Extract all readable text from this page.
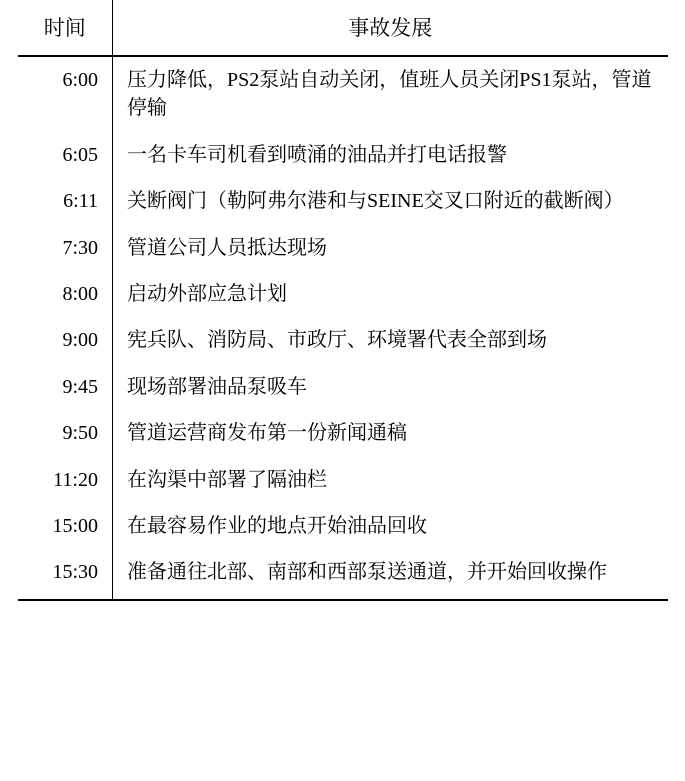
时间	事故发展
6:00	压力降低，PS2泵站自动关闭，值班人员关闭PS1泵站，管道停输
6:05	一名卡车司机看到喷涌的油品并打电话报警
6:11	关断阀门（勒阿弗尔港和与SEINE交叉口附近的截断阀）
7:30	管道公司人员抵达现场
8:00	启动外部应急计划
9:00	宪兵队、消防局、市政厅、环境署代表全部到场
9:45	现场部署油品泵吸车
9:50	管道运营商发布第一份新闻通稿
11:20	在沟渠中部署了隔油栏
15:00	在最容易作业的地点开始油品回收
15:30	准备通往北部、南部和西部泵送通道，并开始回收操作
